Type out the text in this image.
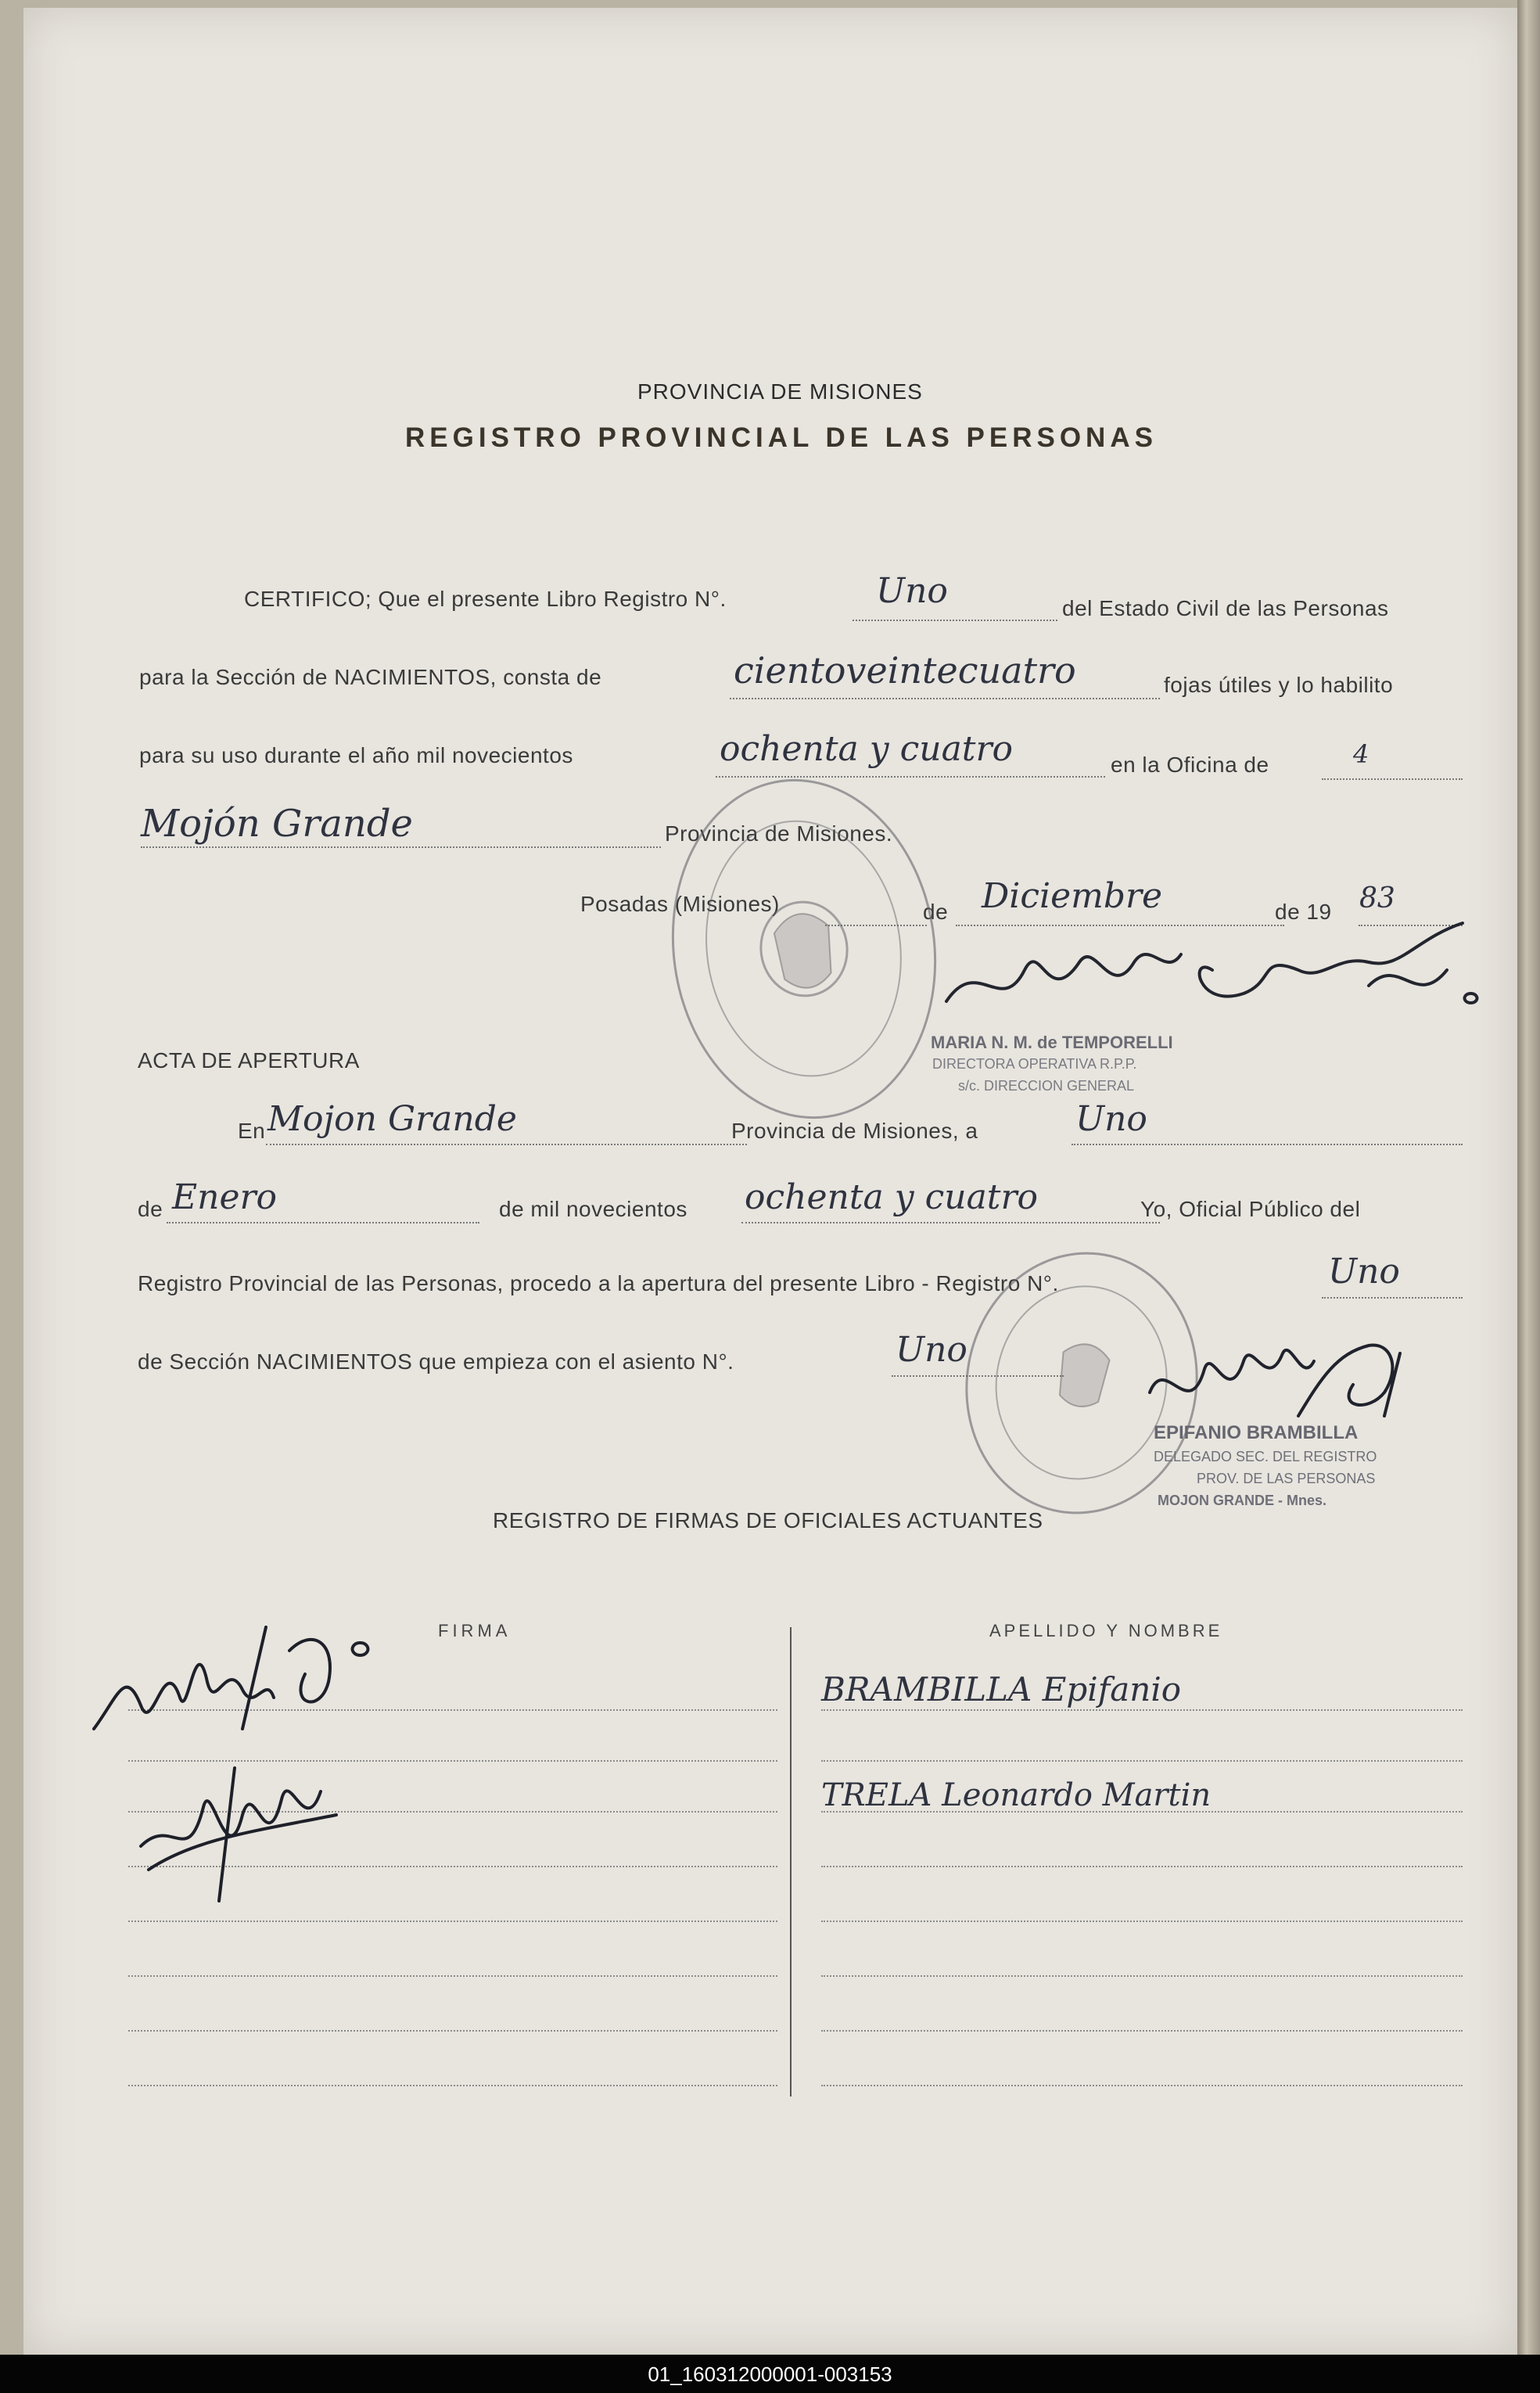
PROVINCIA DE MISIONES
REGISTRO PROVINCIAL DE LAS PERSONAS
CERTIFICO; Que el presente Libro Registro N°.	Uno	del Estado Civil de las Personas
para la Sección de NACIMIENTOS, consta de	cientoveintecuatro	fojas útiles y lo habilito
para su uso durante el año mil novecientos	ochenta y cuatro	en la Oficina de	4
Mojón Grande	Provincia de Misiones.
Posadas (Misiones)	de Diciembre	de 19 83
MARIA N. M. de TEMPORELLI
DIRECTORA OPERATIVA R.P.P.
s/c. DIRECCION GENERAL
ACTA DE APERTURA
En Mojon Grande	Provincia de Misiones, a	Uno
de Enero	de mil novecientos ochenta y cuatro	Yo, Oficial Público del
Registro Provincial de las Personas, procedo a la apertura del presente Libro - Registro N°.	Uno
de Sección NACIMIENTOS que empieza con el asiento N°.	Uno
EPIFANIO BRAMBILLA
DELEGADO SEC. DEL REGISTRO
PROV. DE LAS PERSONAS
MOJON GRANDE - Mnes.
REGISTRO DE FIRMAS DE OFICIALES ACTUANTES
FIRMA	APELLIDO Y NOMBRE
BRAMBILLA Epifanio
TRELA Leonardo Martin
01_160312000001-003153
